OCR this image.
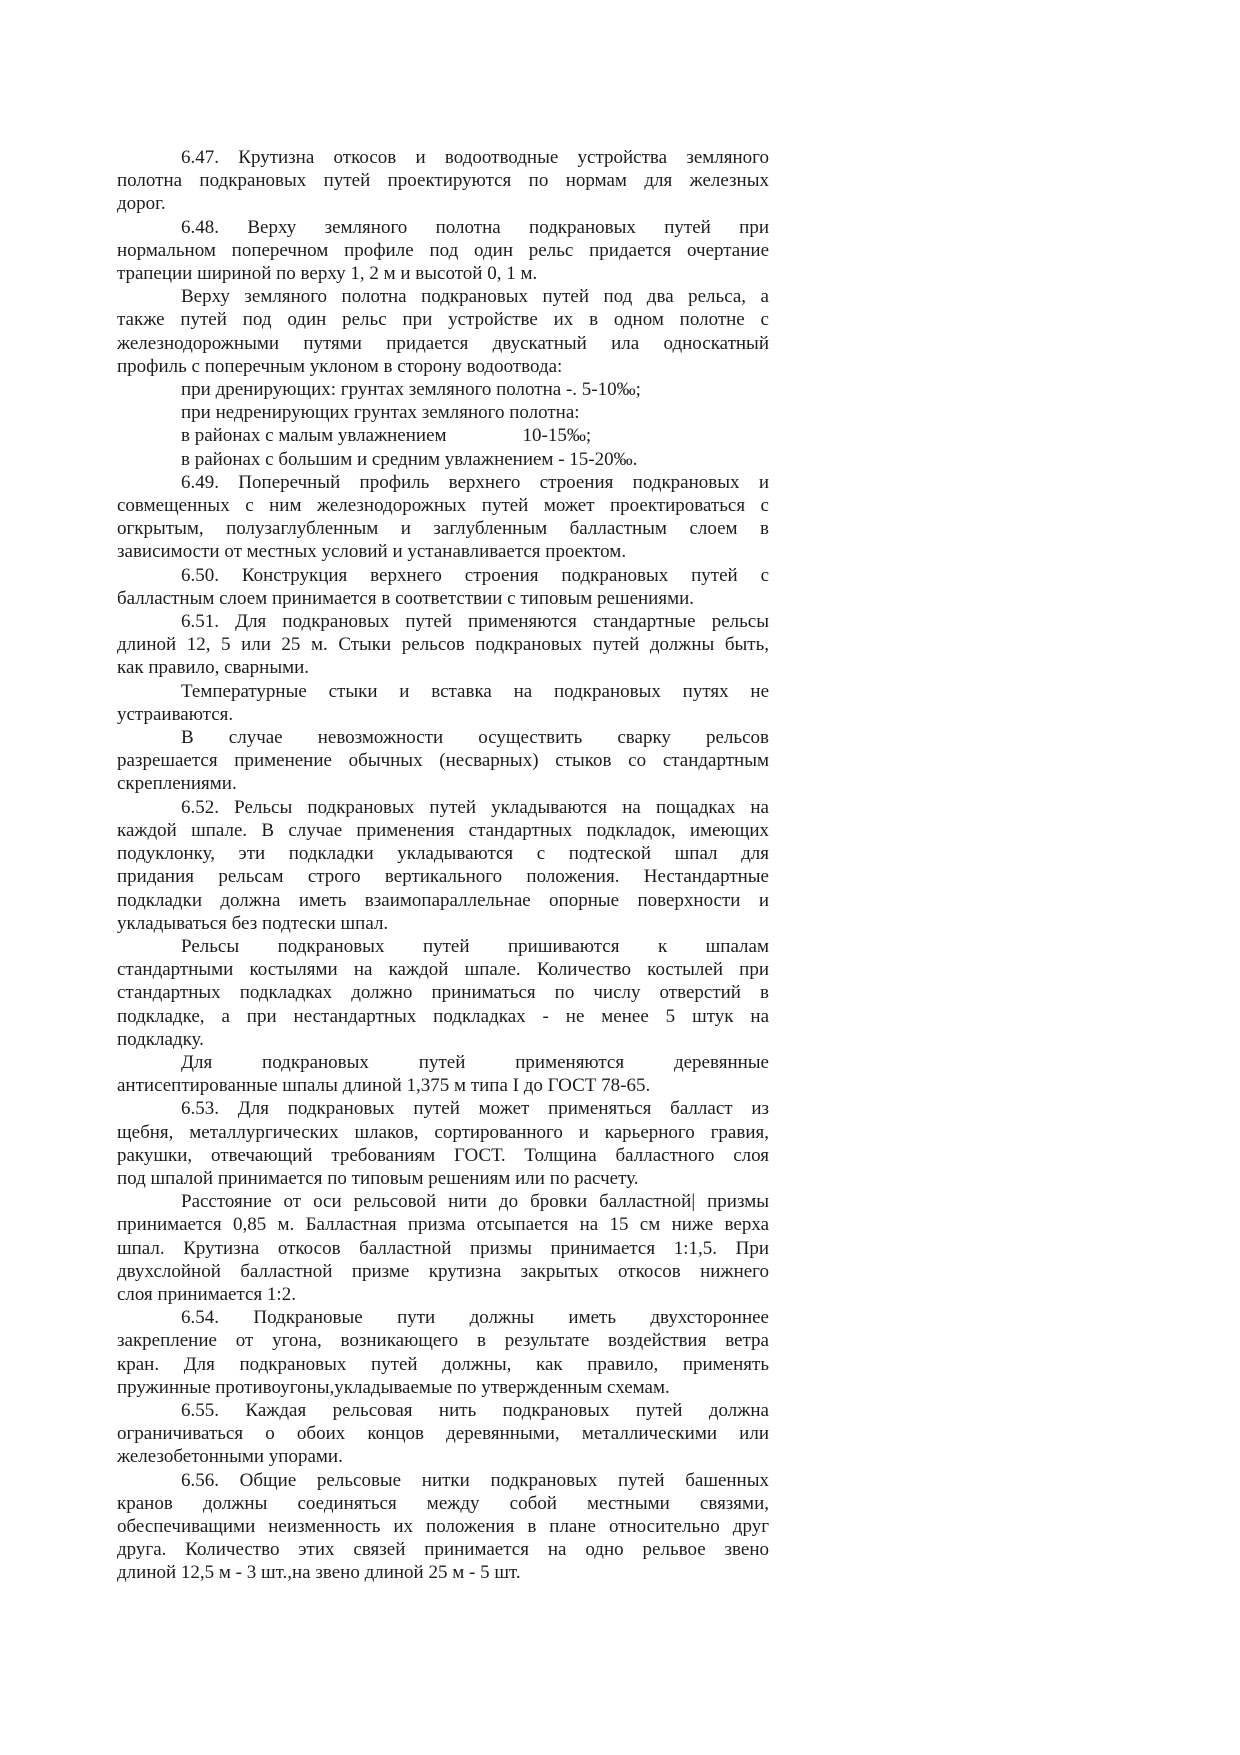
6.47. Крутизна откосов и водоотводные устройства земляного
полотна подкрановых путей проектируются по нормам для железных
дорог.

6.48. Верху земляного полотна подкрановых путей при
нормальном поперечном профиле под один рельс придается очертание
трапеции шириной по верху 1, 2 м и высотой 0, 1 м.

Верху земляного полотна подкрановых путей под два рельса, а
также путей под один рельс при устройстве их в одном полотне с
железнодорожными путями придается двускатный ила односкатный
профиль с поперечным уклоном в сторону водоотвода:

при дренирующих: грунтах земляного полотна -. 5-10‰;

при недренирующих грунтах земляного полотна:

в районах с малым увлажнением                10-15‰;

в районах с большим и средним увлажнением - 15-20‰.

6.49. Поперечный профиль верхнего строения подкрановых и
совмещенных с ним железнодорожных путей может проектироваться с
огкрытым, полузаглубленным и заглубленным балластным слоем в
зависимости от местных условий и устанавливается проектом.

6.50. Конструкция верхнего строения подкрановых путей с
балластным слоем принимается в соответствии с типовым решениями.

6.51. Для подкрановых путей применяются стандартные рельсы
длиной 12, 5 или 25 м. Стыки рельсов подкрановых путей должны быть,
как правило, сварными.

Температурные стыки и вставка на подкрановых путях не
устраиваются.

В случае невозможности осуществить сварку рельсов
разрешается применение обычных (несварных) стыков со стандартным
скреплениями.

6.52. Рельсы подкрановых путей укладываются на пощадках на
каждой шпале. В случае применения стандартных подкладок, имеющих
подуклонку, эти подкладки укладываются с подтеской шпал для
придания рельсам строго вертикального положения. Нестандартные
подкладки должна иметь взаимопараллельнае опорные поверхности и
укладываться без подтески шпал.

Рельсы подкрановых путей пришиваются к шпалам
стандартными костылями на каждой шпале. Количество костылей при
стандартных подкладках должно приниматься по числу отверстий в
подкладке, а при нестандартных подкладках - не менее 5 штук на
подкладку.

Для подкрановых путей применяются деревянные
антисептированные шпалы длиной 1,375 м типа I до ГОСТ 78-65.

6.53. Для подкрановых путей может применяться балласт из
щебня, металлургических шлаков, сортированного и карьерного гравия,
ракушки, отвечающий требованиям ГОСТ. Толщина балластного слоя
под шпалой принимается по типовым решениям или по расчету.

Расстояние от оси рельсовой нити до бровки балластной| призмы
принимается 0,85 м. Балластная призма отсыпается на 15 см ниже верха
шпал. Крутизна откосов балластной призмы принимается 1:1,5. При
двухслойной балластной призме крутизна закрытых откосов нижнего
слоя принимается 1:2.

6.54. Подкрановые пути должны иметь двухстороннее
закрепление от угона, возникающего в результате воздействия ветра
кран. Для подкрановых путей должны, как правило, применять
пружинные противоугоны,укладываемые по утвержденным схемам.

6.55. Каждая рельсовая нить подкрановых путей должна
ограничиваться о обоих концов деревянными, металлическими или
железобетонными упорами.

6.56. Общие рельсовые нитки подкрановых путей башенных
кранов должны соединяться между собой местными связями,
обеспечиващими неизменность их положения в плане относительно друг
друга. Количество этих связей принимается на одно рельвое звено
длиной 12,5 м - 3 шт.,на звено длиной 25 м - 5 шт.
